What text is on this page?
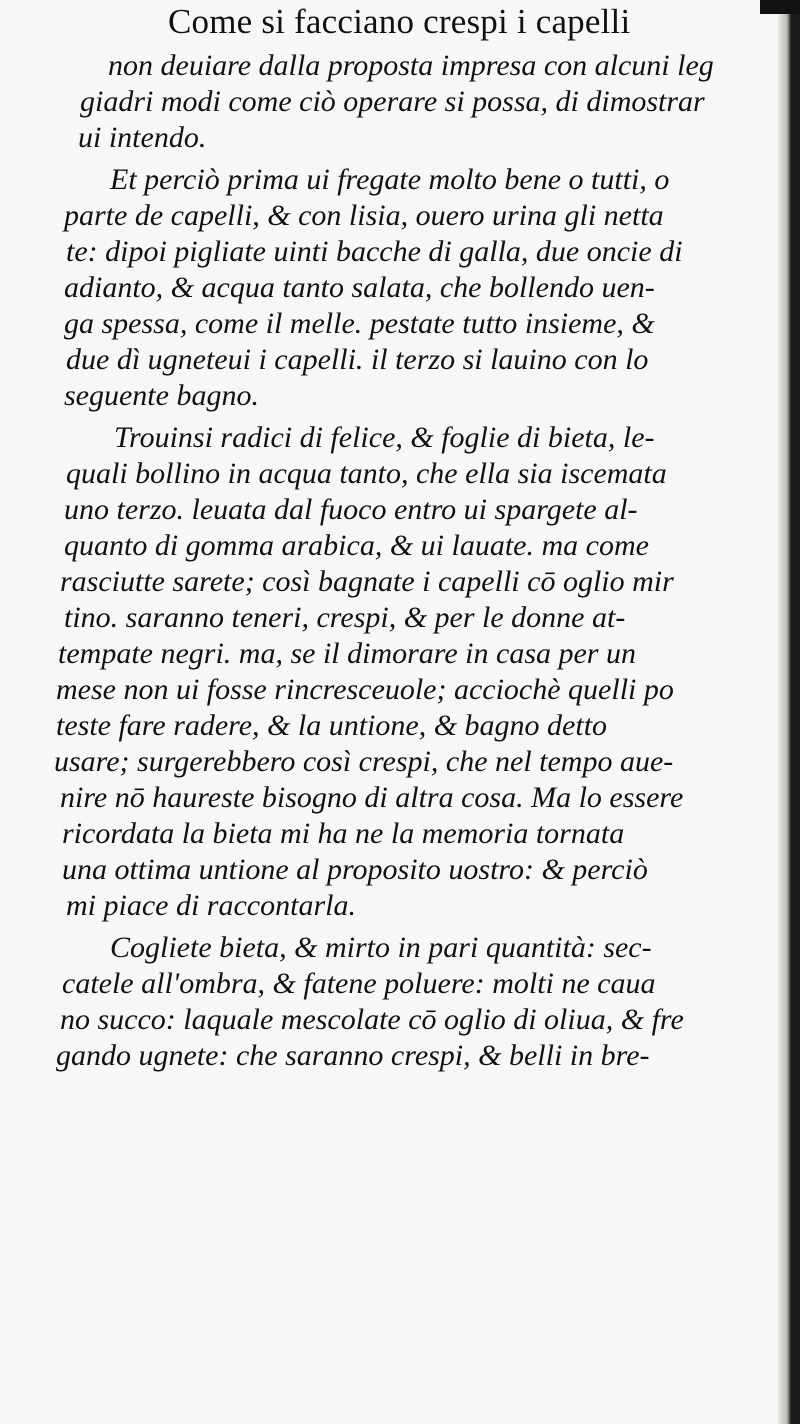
Come si facciano crespi i capelli
non deuiare dalla proposta impresa con alcuni leg
giadri modi come ciò operare si possa, di dimostrar
ui intendo.
Et perciò prima ui fregate molto bene o tutti, o
parte de capelli, & con lisia, ouero urina gli netta
te: dipoi pigliate uinti bacche di galla, due oncie di
adianto, & acqua tanto salata, che bollendo uen-
ga spessa, come il melle. pestate tutto insieme, &
due dì ugneteui i capelli. il terzo si lauino con lo
seguente bagno.
Trouinsi radici di felice, & foglie di bieta, le-
quali bollino in acqua tanto, che ella sia iscemata
uno terzo. leuata dal fuoco entro ui spargete al-
quanto di gomma arabica, & ui lauate. ma come
rasciutte sarete; così bagnate i capelli cō oglio mir
tino. saranno teneri, crespi, & per le donne at-
tempate negri. ma, se il dimorare in casa per un
mese non ui fosse rincresceuole; acciochè quelli po
teste fare radere, & la untione, & bagno detto
usare; surgerebbero così crespi, che nel tempo aue-
nire nō haureste bisogno di altra cosa. Ma lo essere
ricordata la bieta mi ha ne la memoria tornata
una ottima untione al proposito uostro: & perciò
mi piace di raccontarla.
Cogliete bieta, & mirto in pari quantità: sec-
catele all'ombra, & fatene poluere: molti ne caua
no succo: laquale mescolate cō oglio di oliua, & fre
gando ugnete: che saranno crespi, & belli in bre-
